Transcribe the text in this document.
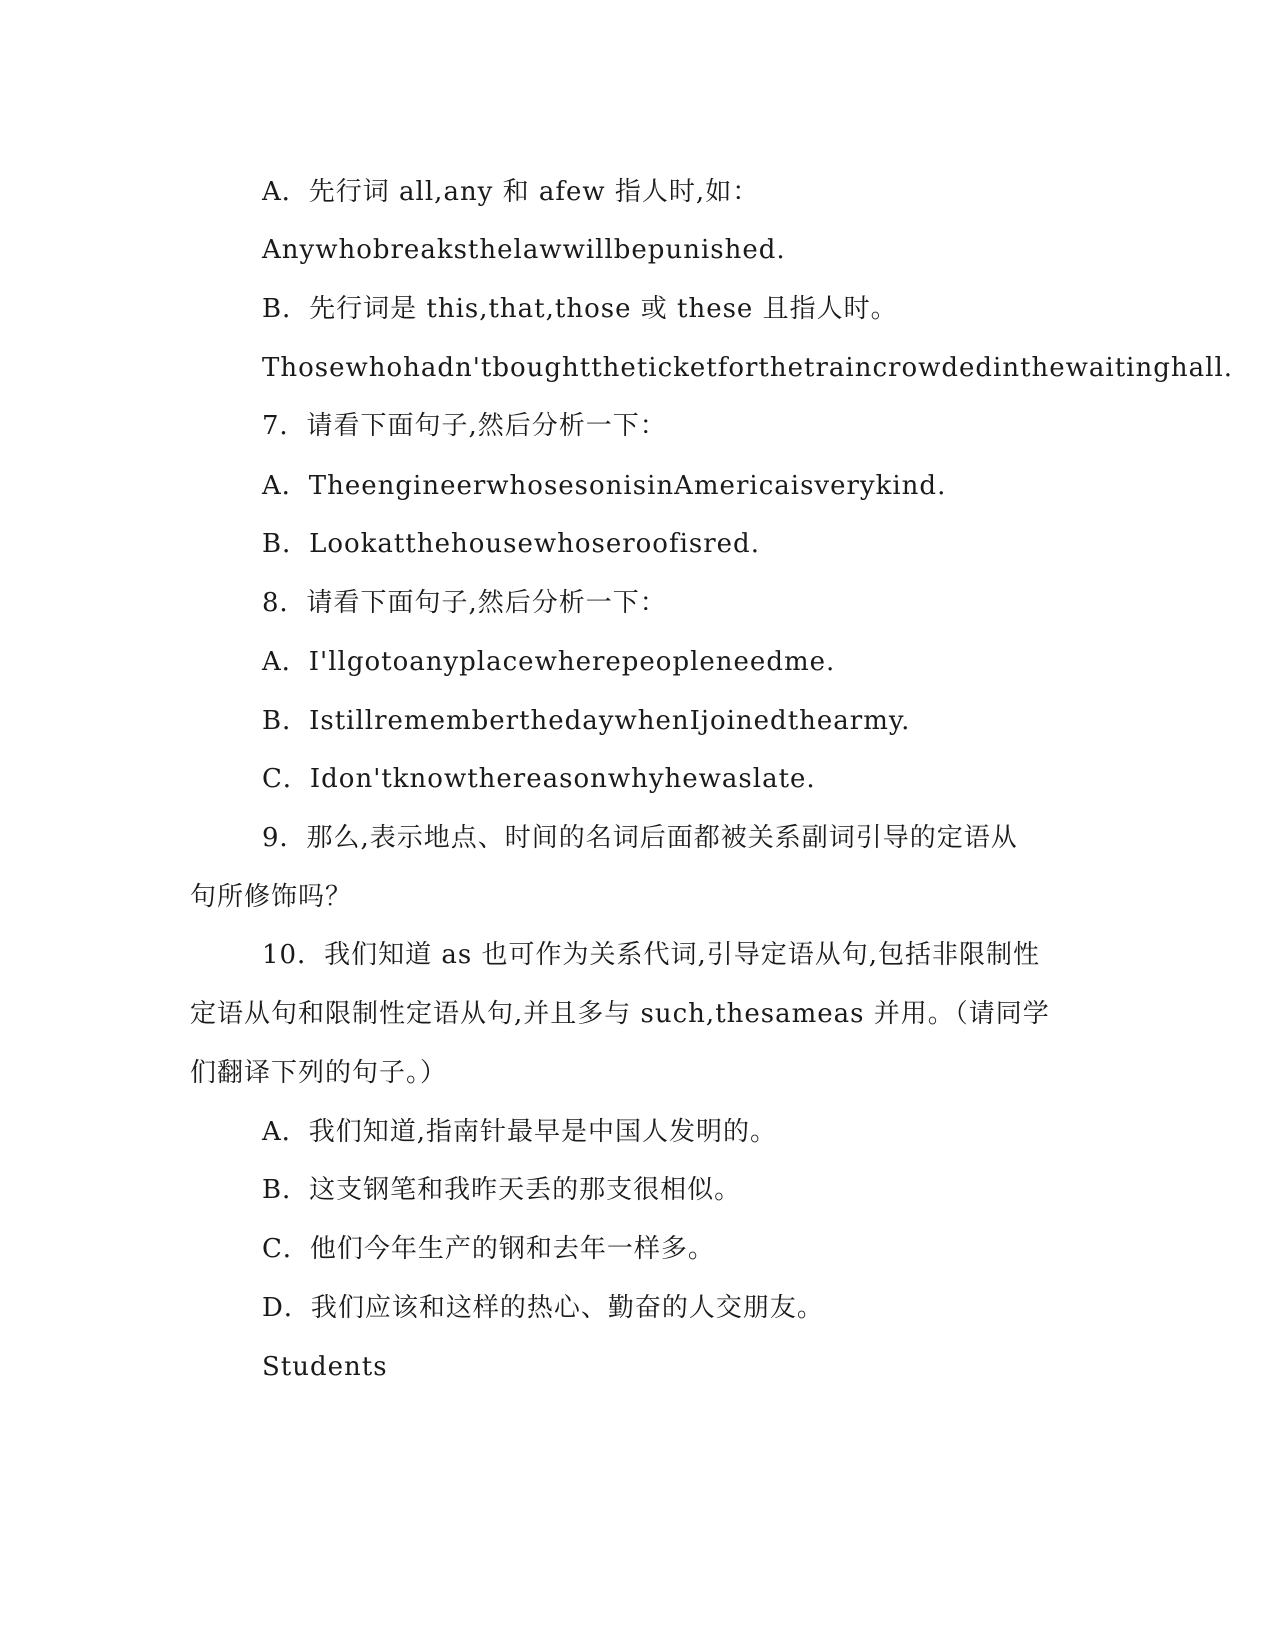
A．先行词 all,any 和 afew 指人时,如：
Anywhobreaksthelawwillbepunished.
B．先行词是 this,that,those 或 these 且指人时。
Thosewhohadn'tboughttheticketforthetraincrowdedinthewaitinghall.
7．请看下面句子,然后分析一下：
A．TheengineerwhosesonisinAmericaisverykind.
B．Lookatthehousewhoseroofisred.
8．请看下面句子,然后分析一下：
A．I'llgotoanyplacewherepeopleneedme.
B．IstillrememberthedaywhenIjoinedthearmy.
C．Idon'tknowthereasonwhyhewaslate.
9．那么,表示地点、时间的名词后面都被关系副词引导的定语从
句所修饰吗？
10．我们知道 as 也可作为关系代词,引导定语从句,包括非限制性
定语从句和限制性定语从句,并且多与 such,thesameas 并用。（请同学
们翻译下列的句子。）
A．我们知道,指南针最早是中国人发明的。
B．这支钢笔和我昨天丢的那支很相似。
C．他们今年生产的钢和去年一样多。
D．我们应该和这样的热心、勤奋的人交朋友。
Students
